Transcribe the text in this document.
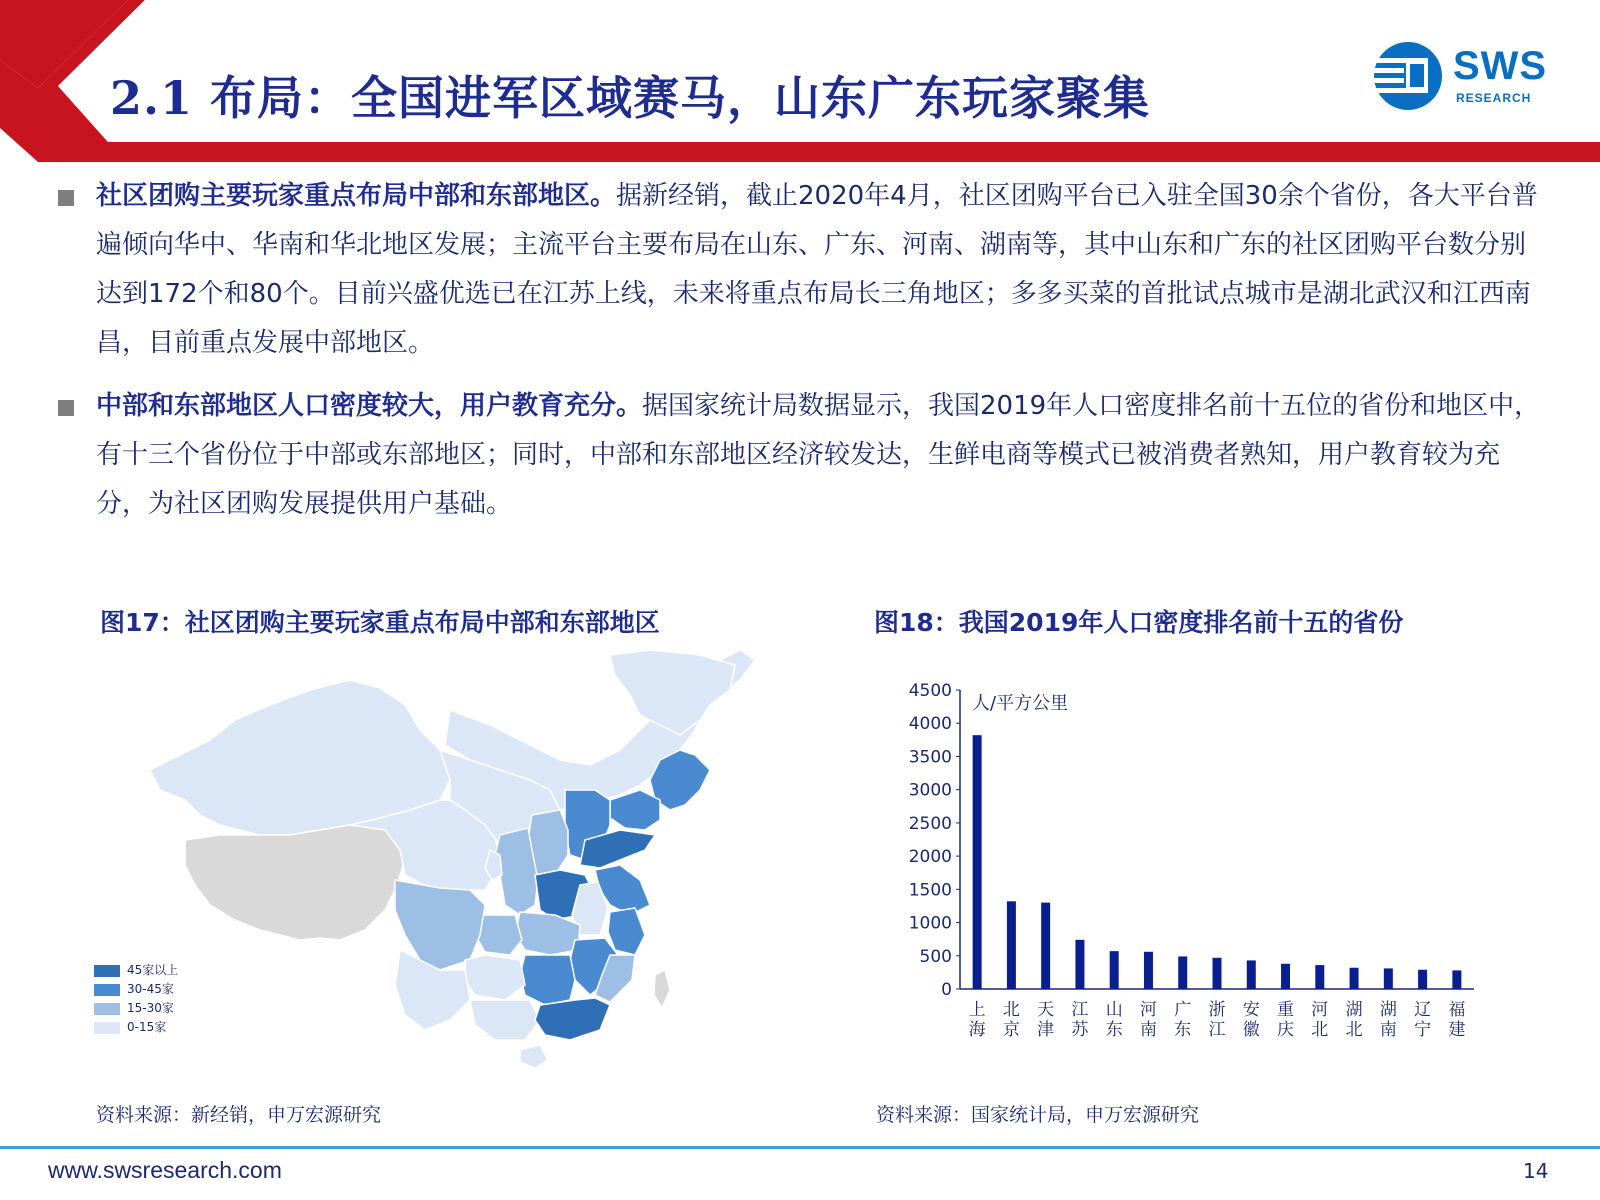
2.1 布局：全国进军区域赛马，山东广东玩家聚集
SWS
RESEARCH
社区团购主要玩家重点布局中部和东部地区。据新经销，截止2020年4月，社区团购平台已入驻全国30余个省份，各大平台普遍倾向华中、华南和华北地区发展；主流平台主要布局在山东、广东、河南、湖南等，其中山东和广东的社区团购平台数分别达到172个和80个。目前兴盛优选已在江苏上线，未来将重点布局长三角地区；多多买菜的首批试点城市是湖北武汉和江西南昌，目前重点发展中部地区。
中部和东部地区人口密度较大，用户教育充分。据国家统计局数据显示，我国2019年人口密度排名前十五位的省份和地区中，有十三个省份位于中部或东部地区；同时，中部和东部地区经济较发达，生鲜电商等模式已被消费者熟知，用户教育较为充分，为社区团购发展提供用户基础。
图17：社区团购主要玩家重点布局中部和东部地区
45家以上
30-45家
15-30家
0-15家
资料来源：新经销，申万宏源研究
图18：我国2019年人口密度排名前十五的省份
人/平方公里
0
500
1000
1500
2000
2500
3000
3500
4000
4500
上海
北京
天津
江苏
山东
河南
广东
浙江
安徽
重庆
河北
湖北
湖南
辽宁
福建
资料来源：国家统计局，申万宏源研究
www.swsresearch.com	14
